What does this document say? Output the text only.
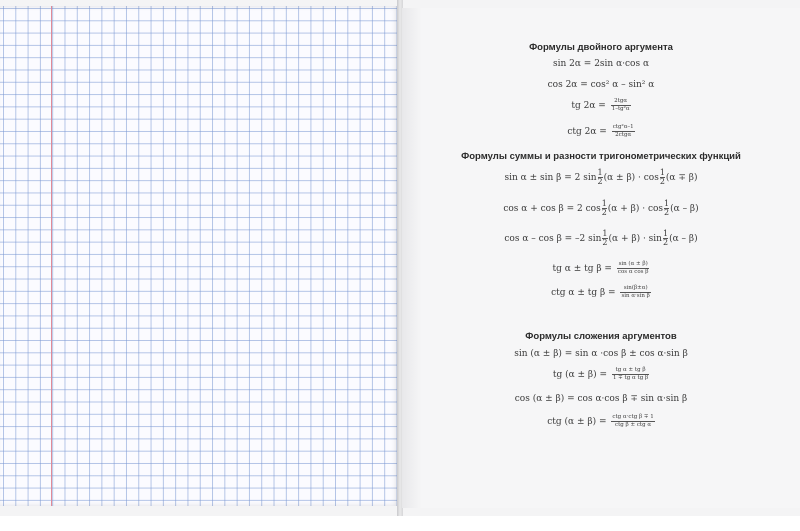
Формулы двойного аргумента
sin 2α = 2sin α·cos α
cos 2α = cos² α – sin² α
tg $2\alpha = \frac{\text{2tgα}}{\text{1–tg²α}}$
ctg $2\alpha = \frac{\text{ctg²α–1}}{\text{2ctgα}}$
Формулы суммы и разности тригонометрических функций
sin α ± sin β = 2 $\sin \frac{1}{2} (\alpha \pm \beta) \cdot \cos \frac{1}{2} (\alpha \mp \beta)$
cos α + cos β = 2 $\cos \frac{1}{2} (\alpha + \beta) \cdot \cos \frac{1}{2} (\alpha - \beta)$
cos α – cos β = –2 $\sin \frac{1}{2} (\alpha + \beta) \cdot \sin \frac{1}{2} (\alpha - \beta)$
tg α ± tg $\beta = \frac{\sin (\alpha \pm \beta)}{\text{cos α cos β}}$
ctg α ± tg $\beta = \frac{\sin(\beta\pm\alpha)}{\text{sin α·sin β}}$
Формулы сложения аргументов
sin (α ± β) = sin α ·cos β ± cos α·sin β
tg $(\alpha \pm \beta) = \frac{\text{tg α ± tg β}}{\text{1 ∓ tg α tg β}}$
cos (α ± β) = cos α·cos β ∓ sin α·sin β
ctg $(\alpha \pm \beta) = \frac{\text{ctg α·ctg β ∓ 1}}{\text{ctg β ± ctg α}}$
